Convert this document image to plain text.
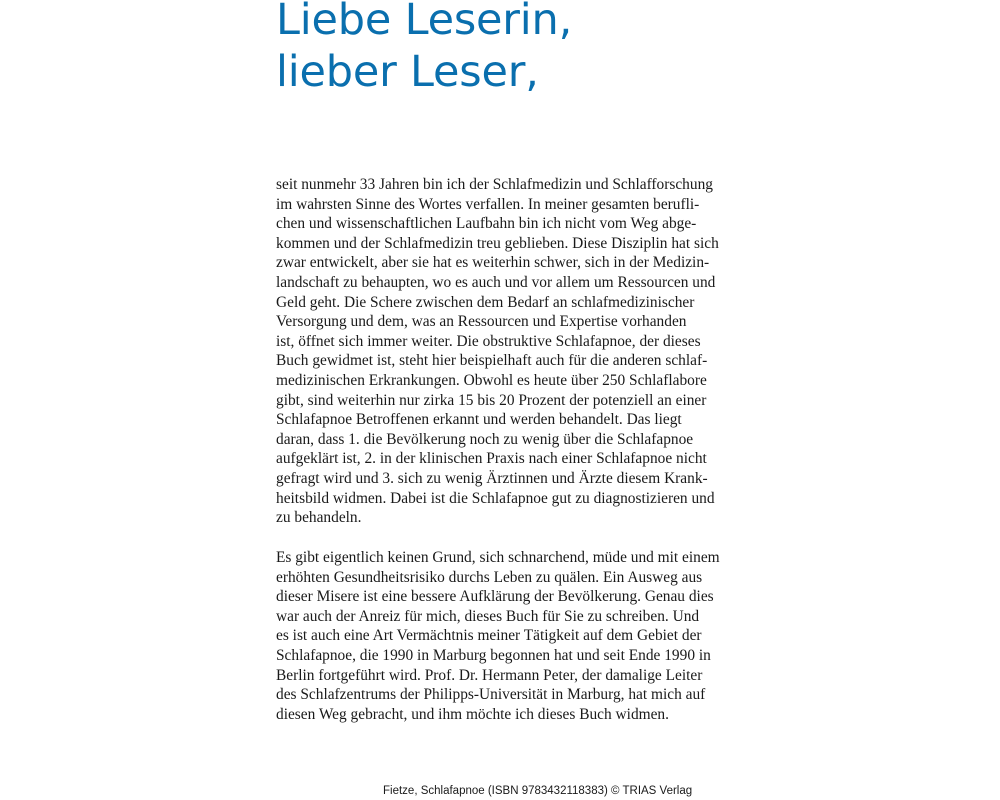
Liebe Leserin,
lieber Leser,
seit nunmehr 33 Jahren bin ich der Schlafmedizin und Schlafforschung
im wahrsten Sinne des Wortes verfallen. In meiner gesamten berufli-
chen und wissenschaftlichen Laufbahn bin ich nicht vom Weg abge-
kommen und der Schlafmedizin treu geblieben. Diese Disziplin hat sich
zwar entwickelt, aber sie hat es weiterhin schwer, sich in der Medizin-
landschaft zu behaupten, wo es auch und vor allem um Ressourcen und
Geld geht. Die Schere zwischen dem Bedarf an schlafmedizinischer
Versorgung und dem, was an Ressourcen und Expertise vorhanden
ist, öffnet sich immer weiter. Die obstruktive Schlafapnoe, der dieses
Buch gewidmet ist, steht hier beispielhaft auch für die anderen schlaf-
medizinischen Erkrankungen. Obwohl es heute über 250 Schlaflabore
gibt, sind weiterhin nur zirka 15 bis 20 Prozent der potenziell an einer
Schlafapnoe Betroffenen erkannt und werden behandelt. Das liegt
daran, dass 1. die Bevölkerung noch zu wenig über die Schlafapnoe
aufgeklärt ist, 2. in der klinischen Praxis nach einer Schlafapnoe nicht
gefragt wird und 3. sich zu wenig Ärztinnen und Ärzte diesem Krank-
heitsbild widmen. Dabei ist die Schlafapnoe gut zu diagnostizieren und
zu behandeln.
Es gibt eigentlich keinen Grund, sich schnarchend, müde und mit einem
erhöhten Gesundheitsrisiko durchs Leben zu quälen. Ein Ausweg aus
dieser Misere ist eine bessere Aufklärung der Bevölkerung. Genau dies
war auch der Anreiz für mich, dieses Buch für Sie zu schreiben. Und
es ist auch eine Art Vermächtnis meiner Tätigkeit auf dem Gebiet der
Schlafapnoe, die 1990 in Marburg begonnen hat und seit Ende 1990 in
Berlin fortgeführt wird. Prof. Dr. Hermann Peter, der damalige Leiter
des Schlafzentrums der Philipps-Universität in Marburg, hat mich auf
diesen Weg gebracht, und ihm möchte ich dieses Buch widmen.
Fietze, Schlafapnoe (ISBN 9783432118383) © TRIAS Verlag
